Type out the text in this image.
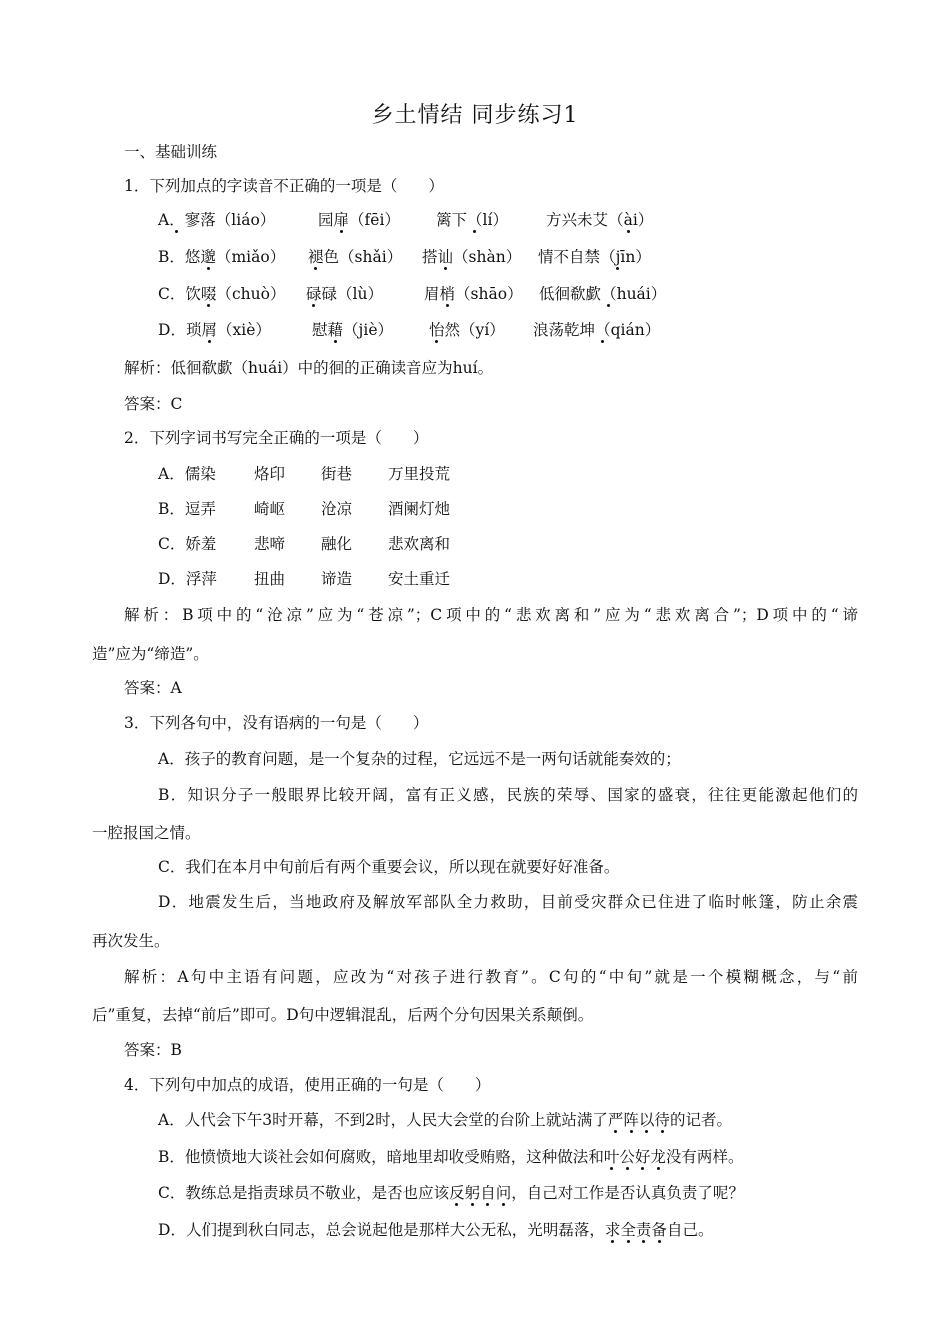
乡土情结 同步练习1
一、基础训练
1．下列加点的字读音不正确的一项是（　　）
A．寥落（liáo）	园扉（fēi） 篱下（lí） 方兴未艾（ài）
B．悠邈（miǎo） 褪色（shǎi） 搭讪（shàn） 情不自禁（jīn）
C．饮啜（chuò） 碌碌（lù）	眉梢（shāo） 低徊欷歔（huái）
D．琐屑（xiè）	慰藉（jiè） 怡然（yí） 浪荡乾坤（qián）
解析：低徊欷歔（huái）中的徊的正确读音应为huí。
答案：C
2．下列字词书写完全正确的一项是（　　）
A．儒染 烙印 街巷 万里投荒
B．逗弄 崎岖 沧凉 酒阑灯灺
C．娇羞 悲啼 融化 悲欢离和
D．浮萍 扭曲 谛造 安土重迁
解析：B项中的“沧凉”应为“苍凉”；C项中的“悲欢离和”应为“悲欢离合”；D项中的“谛
造”应为“缔造”。
答案：A
3．下列各句中，没有语病的一句是（　　）
A．孩子的教育问题，是一个复杂的过程，它远远不是一两句话就能奏效的；
B．知识分子一般眼界比较开阔，富有正义感，民族的荣辱、国家的盛衰，往往更能激起他们的
一腔报国之情。
C．我们在本月中旬前后有两个重要会议，所以现在就要好好准备。
D．地震发生后，当地政府及解放军部队全力救助，目前受灾群众已住进了临时帐篷，防止余震
再次发生。
解析：A句中主语有问题，应改为“对孩子进行教育”。C句的“中旬”就是一个模糊概念，与“前
后”重复，去掉“前后”即可。D句中逻辑混乱，后两个分句因果关系颠倒。
答案：B
4．下列句中加点的成语，使用正确的一句是（　　）
A．人代会下午3时开幕，不到2时，人民大会堂的台阶上就站满了严阵以待的记者。
B．他愤愤地大谈社会如何腐败，暗地里却收受贿赂，这种做法和叶公好龙没有两样。
C．教练总是指责球员不敬业，是否也应该反躬自问，自己对工作是否认真负责了呢？
D．人们提到秋白同志，总会说起他是那样大公无私，光明磊落，求全责备自己。
